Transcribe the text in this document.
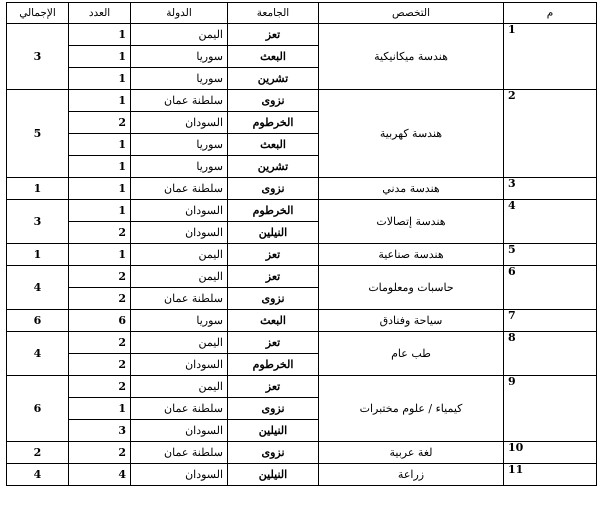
م	التخصص	الجامعة	الدولة	العدد	الإجمالي
1	هندسة ميكانيكية	تعز	اليمن	1	3
		البعث	سوريا	1	
		تشرين	سوريا	1	
2	هندسة كهربية	نزوى	سلطنة عمان	1	5
		الخرطوم	السودان	2	
		البعث	سوريا	1	
		تشرين	سوريا	1	
3	هندسة مدني	نزوى	سلطنة عمان	1	1
4	هندسة إتصالات	الخرطوم	السودان	1	3
		النيلين	السودان	2	
5	هندسة صناعية	تعز	اليمن	1	1
6	حاسبات ومعلومات	تعز	اليمن	2	4
		نزوى	سلطنة عمان	2	
7	سياحة وفنادق	البعث	سوريا	6	6
8	طب عام	تعز	اليمن	2	4
		الخرطوم	السودان	2	
9	كيمياء / علوم مختبرات	تعز	اليمن	2	6
		نزوى	سلطنة عمان	1	
		النيلين	السودان	3	
10	لغة عربية	نزوى	سلطنة عمان	2	2
11	زراعة	النيلين	السودان	4	4
